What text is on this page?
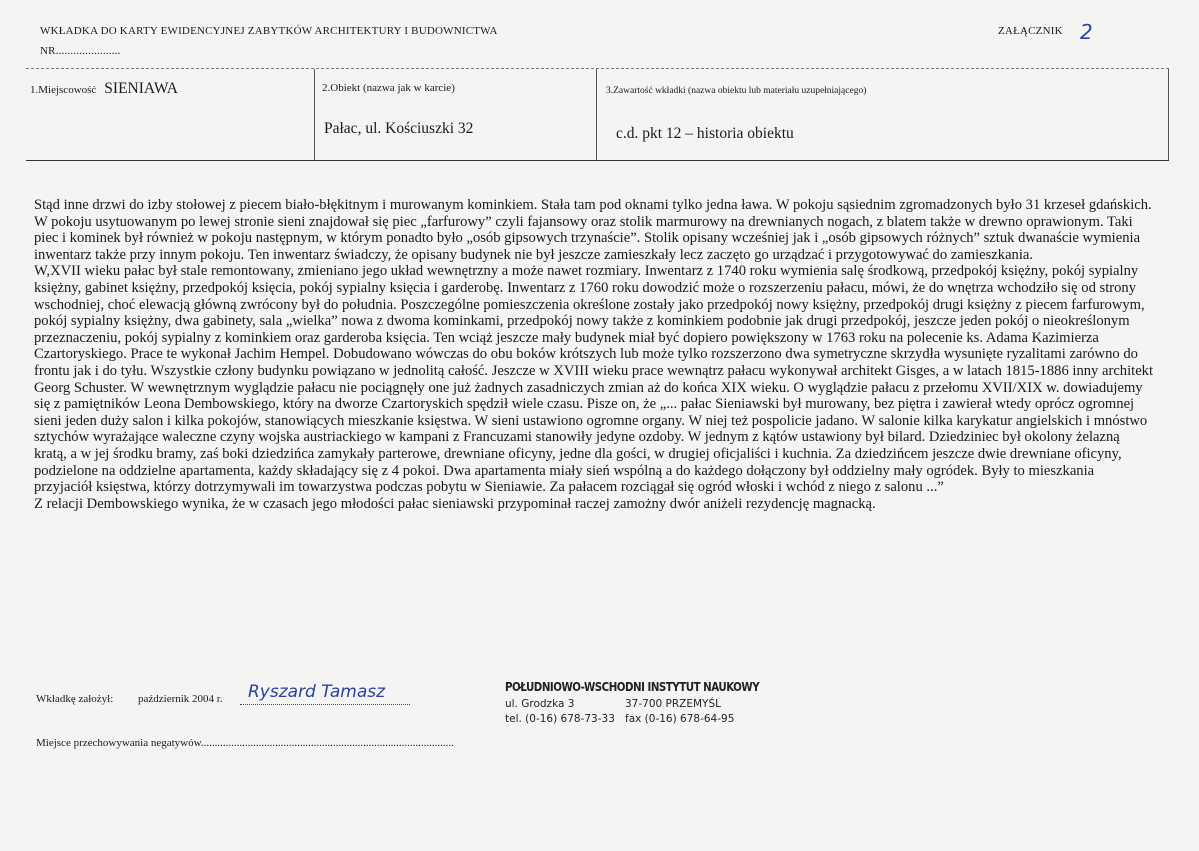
WKŁADKA DO KARTY EWIDENCYJNEJ ZABYTKÓW ARCHITEKTURY I BUDOWNICTWA
NR......................
ZAŁĄCZNIK 2
1.Miejscowość SIENIAWA	2.Obiekt (nazwa jak w karcie)
Pałac, ul. Kościuszki 32
3.Zawartość wkładki (nazwa obiektu lub materiału uzupełniającego)
c.d. pkt 12 – historia obiektu

Stąd inne drzwi do izby stołowej z piecem biało-błękitnym i murowanym kominkiem. Stała tam pod oknami tylko jedna ława. W pokoju sąsiednim zgromadzonych było 31 krzeseł gdańskich. W pokoju usytuowanym po lewej stronie sieni znajdował się piec „farfurowy” czyli fajansowy oraz stolik marmurowy na drewnianych nogach, z blatem także w drewno oprawionym. Taki piec i kominek był również w pokoju następnym, w którym ponadto było „osób gipsowych trzynaście”. Stolik opisany wcześniej jak i „osób gipsowych różnych” sztuk dwanaście wymienia inwentarz także przy innym pokoju. Ten inwentarz świadczy, że opisany budynek nie był jeszcze zamieszkały lecz zaczęto go urządzać i przygotowywać do zamieszkania.

W,XVII wieku pałac był stale remontowany, zmieniano jego układ wewnętrzny a może nawet rozmiary. Inwentarz z 1740 roku wymienia salę środkową, przedpokój księżny, pokój sypialny księżny, gabinet księżny, przedpokój księcia, pokój sypialny księcia i garderobę. Inwentarz z 1760 roku dowodzić może o rozszerzeniu pałacu, mówi, że do wnętrza wchodziło się od strony wschodniej, choć elewacją główną zwrócony był do południa. Poszczególne pomieszczenia określone zostały jako przedpokój nowy księżny, przedpokój drugi księżny z piecem farfurowym, pokój sypialny księżny, dwa gabinety, sala „wielka” nowa z dwoma kominkami, przedpokój nowy także z kominkiem podobnie jak drugi przedpokój, jeszcze jeden pokój o nieokreślonym przeznaczeniu, pokój sypialny z kominkiem oraz garderoba księcia. Ten wciąż jeszcze mały budynek miał być dopiero powiększony w 1763 roku na polecenie ks. Adama Kazimierza Czartoryskiego. Prace te wykonał Jachim Hempel. Dobudowano wówczas do obu boków krótszych lub może tylko rozszerzono dwa symetryczne skrzydła wysunięte ryzalitami zarówno do frontu jak i do tyłu. Wszystkie człony budynku powiązano w jednolitą całość. Jeszcze w XVIII wieku prace wewnątrz pałacu wykonywał architekt Gisges, a w latach 1815-1886 inny architekt Georg Schuster. W wewnętrznym wyglądzie pałacu nie pociągnęły one już żadnych zasadniczych zmian aż do końca XIX wieku. O wyglądzie pałacu z przełomu XVII/XIX w. dowiadujemy się z pamiętników Leona Dembowskiego, który na dworze Czartoryskich spędził wiele czasu. Pisze on, że „... pałac Sieniawski był murowany, bez piętra i zawierał wtedy oprócz ogromnej sieni jeden duży salon i kilka pokojów, stanowiących mieszkanie księstwa. W sieni ustawiono ogromne organy. W niej też pospolicie jadano. W salonie kilka karykatur angielskich i mnóstwo sztychów wyrażające waleczne czyny wojska austriackiego w kampani z Francuzami stanowiły jedyne ozdoby. W jednym z kątów ustawiony był bilard. Dziedziniec był okolony żelazną kratą, a w jej środku bramy, zaś boki dziedzińca zamykały parterowe, drewniane oficyny, jedne dla gości, w drugiej oficjaliści i kuchnia. Za dziedzińcem jeszcze dwie drewniane oficyny, podzielone na oddzielne apartamenta, każdy składający się z 4 pokoi. Dwa apartamenta miały sień wspólną a do każdego dołączony był oddzielny mały ogródek. Były to mieszkania przyjaciół księstwa, którzy dotrzymywali im towarzystwa podczas pobytu w Sieniawie. Za pałacem rozciągał się ogród włoski i wchód z niego z salonu ...”

Z relacji Dembowskiego wynika, że w czasach jego młodości pałac sieniawski przypominał raczej zamożny dwór aniżeli rezydencję magnacką.

Wkładkę założył: październik 2004 r. Ryszard Tamasz
Miejsce przechowywania negatywów............................................................................................
POŁUDNIOWO-WSCHODNI INSTYTUT NAUKOWY
ul. Grodzka 3	37-700 PRZEMYŚL
tel. (0-16) 678-73-33 fax (0-16) 678-64-95
